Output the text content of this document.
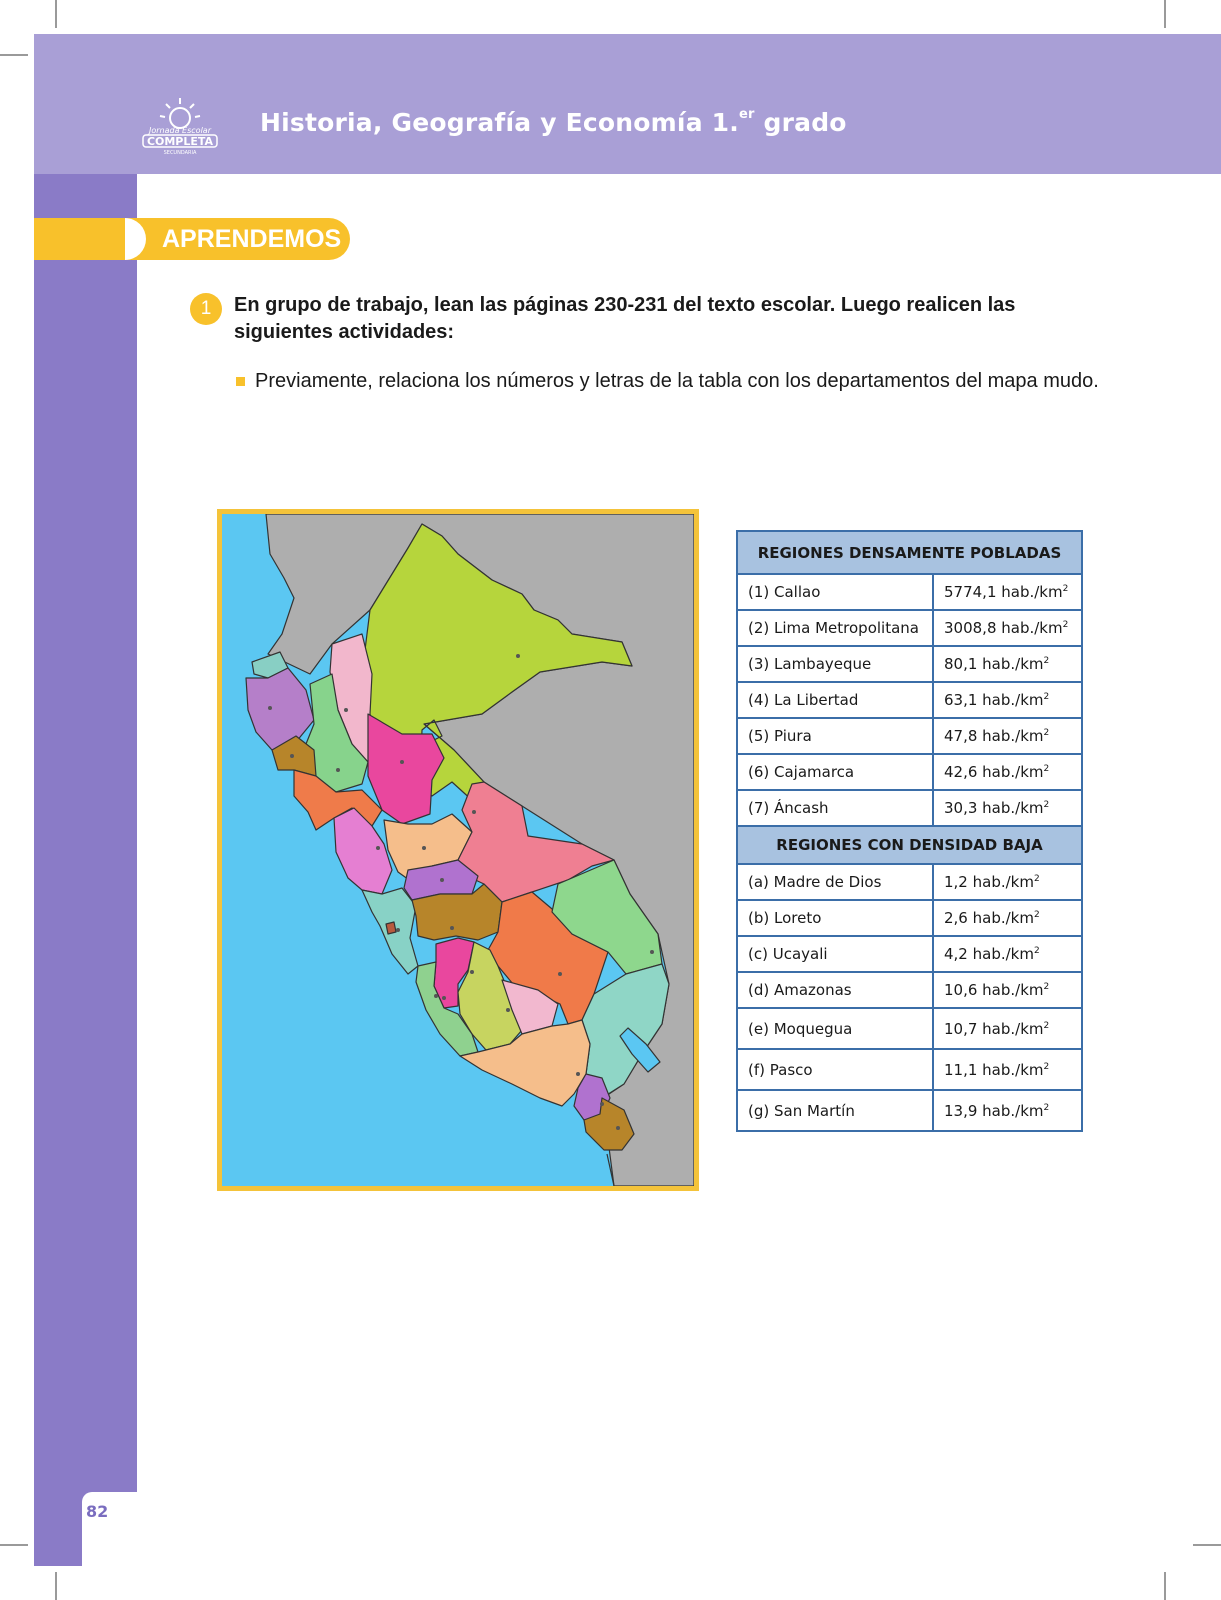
Jornada Escolar
COMPLETA
SECUNDARIA
Historia, Geografía y Economía 1.$^{er}$ grado
82
APRENDEMOS
1	En grupo de trabajo, lean las páginas 230-231 del texto escolar. Luego realicen las siguientes actividades:
Previamente, relaciona los números y letras de la tabla con los departamentos del mapa mudo.
REGIONES DENSAMENTE POBLADAS	
(1) Callao	5774,1 $hab./km^2$
(2) Lima Metropolitana	3008,8 $hab./km^2$
(3) Lambayeque	80,1 $hab./km^2$
(4) La Libertad	63,1 $hab./km^2$
(5) Piura	47,8 $hab./km^2$
(6) Cajamarca	42,6 $hab./km^2$
(7) Áncash	30,3 $hab./km^2$
REGIONES CON DENSIDAD BAJA	
(a) Madre de Dios	1,2 $hab./km^2$
(b) Loreto	2,6 $hab./km^2$
(c) Ucayali	4,2 $hab./km^2$
(d) Amazonas	10,6 $hab./km^2$
(e) Moquegua	10,7 $hab./km^2$
(f) Pasco	11,1 $hab./km^2$
(g) San Martín	13,9 $hab./km^2$
